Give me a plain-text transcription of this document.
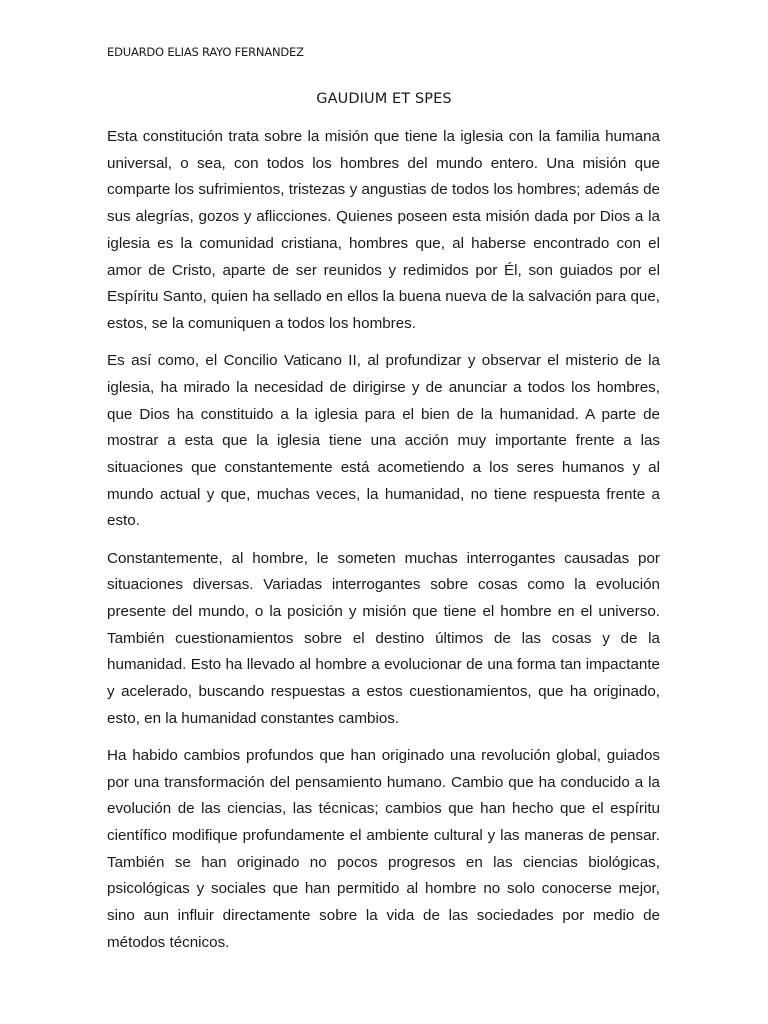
EDUARDO ELIAS RAYO FERNANDEZ
GAUDIUM ET SPES

Esta constitución trata sobre la misión que tiene la iglesia con la familia humana universal, o sea, con todos los hombres del mundo entero. Una misión que comparte los sufrimientos, tristezas y angustias de todos los hombres; además de sus alegrías, gozos y aflicciones. Quienes poseen esta misión dada por Dios a la iglesia es la comunidad cristiana, hombres que, al haberse encontrado con el amor de Cristo, aparte de ser reunidos y redimidos por Él, son guiados por el Espíritu Santo, quien ha sellado en ellos la buena nueva de la salvación para que, estos, se la comuniquen a todos los hombres.

Es así como, el Concilio Vaticano II, al profundizar y observar el misterio de la iglesia, ha mirado la necesidad de dirigirse y de anunciar a todos los hombres, que Dios ha constituido a la iglesia para el bien de la humanidad. A parte de mostrar a esta que la iglesia tiene una acción muy importante frente a las situaciones que constantemente está acometiendo a los seres humanos y al mundo actual y que, muchas veces, la humanidad, no tiene respuesta frente a esto.

Constantemente, al hombre, le someten muchas interrogantes causadas por situaciones diversas. Variadas interrogantes sobre cosas como la evolución presente del mundo, o la posición y misión que tiene el hombre en el universo. También cuestionamientos sobre el destino últimos de las cosas y de la humanidad. Esto ha llevado al hombre a evolucionar de una forma tan impactante y acelerado, buscando respuestas a estos cuestionamientos, que ha originado, esto, en la humanidad constantes cambios.

Ha habido cambios profundos que han originado una revolución global, guiados por una transformación del pensamiento humano. Cambio que ha conducido a la evolución de las ciencias, las técnicas; cambios que han hecho que el espíritu científico modifique profundamente el ambiente cultural y las maneras de pensar. También se han originado no pocos progresos en las ciencias biológicas, psicológicas y sociales que han permitido al hombre no solo conocerse mejor, sino aun influir directamente sobre la vida de las sociedades por medio de métodos técnicos.
